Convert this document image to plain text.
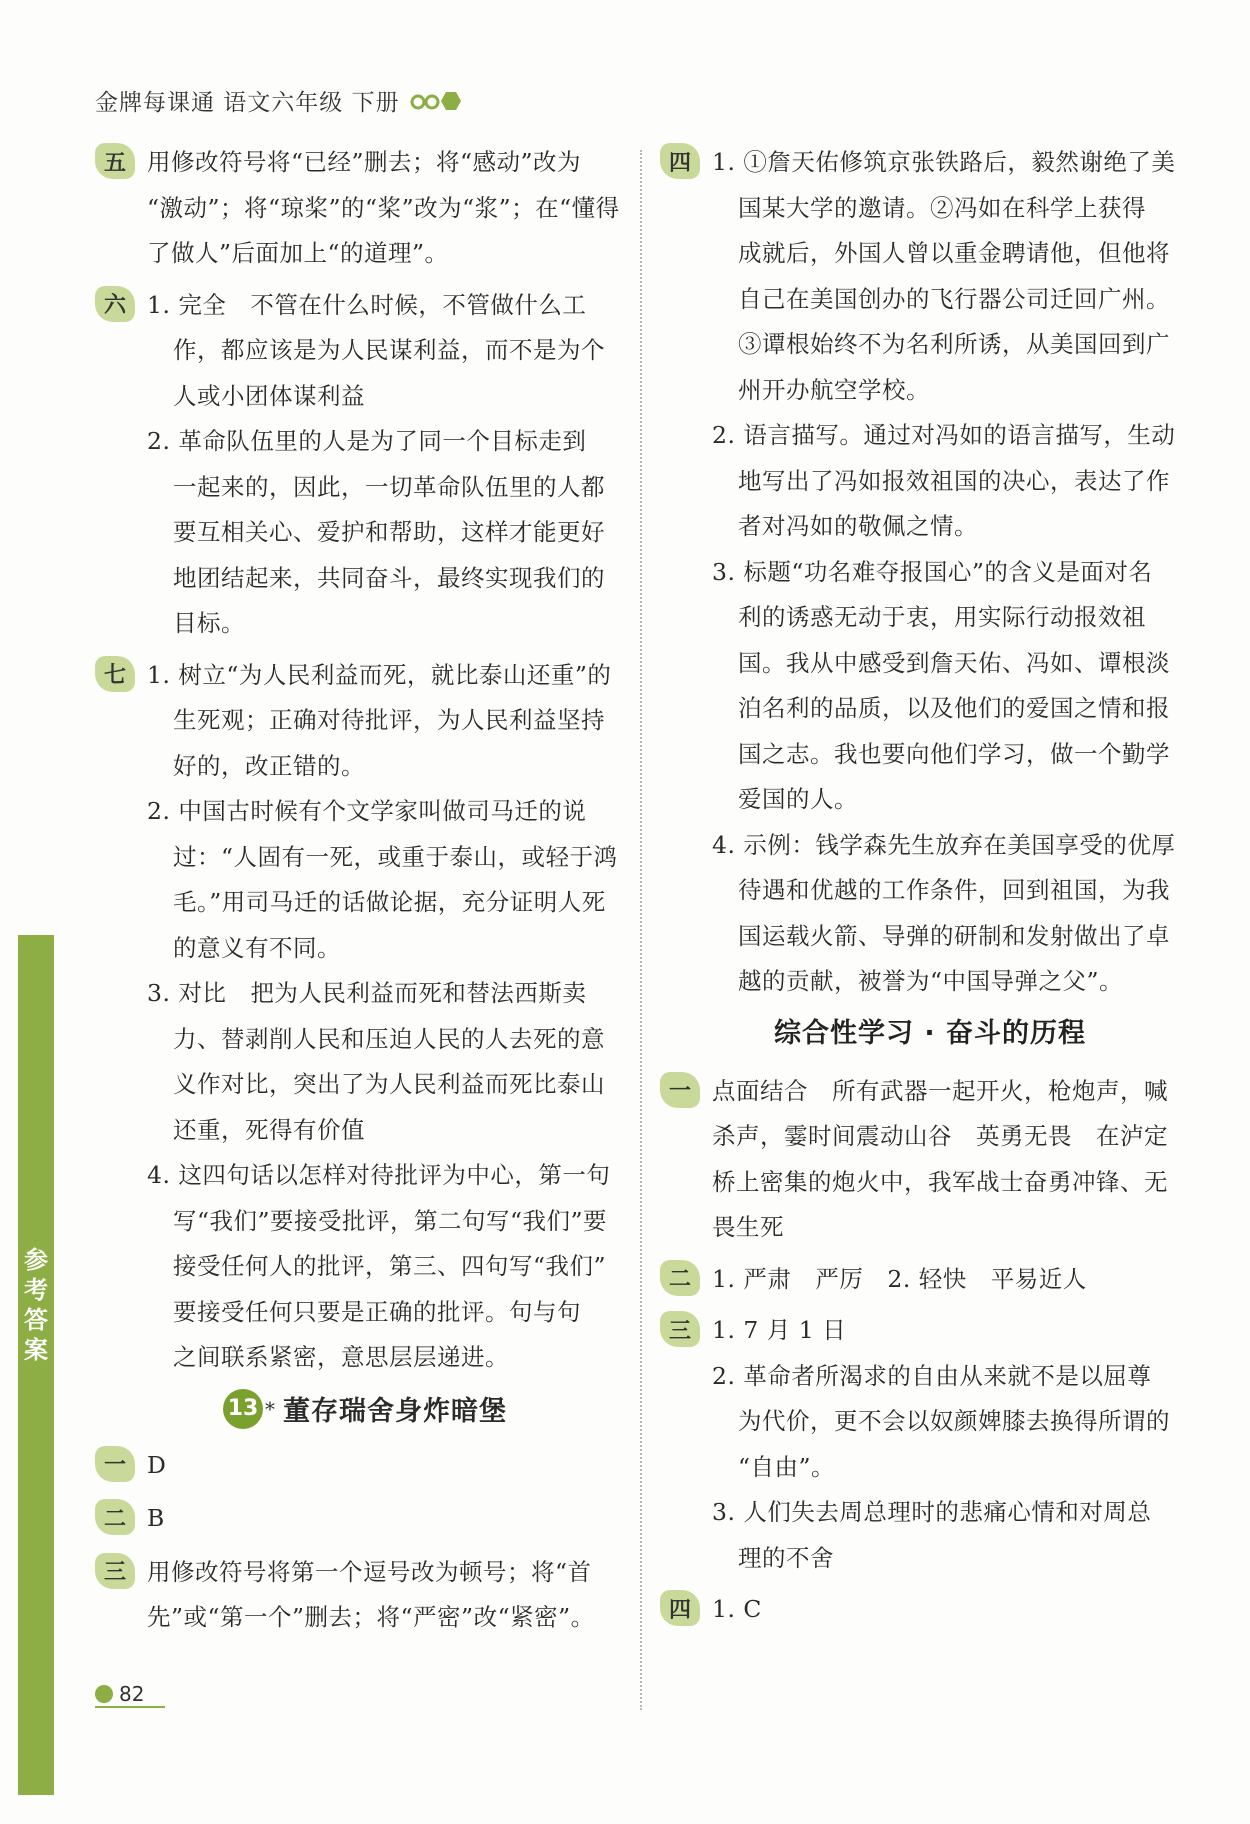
金牌每课通 语文六年级 下册
五 用修改符号将“已经”删去；将“感动”改为
“激动”；将“琼桨”的“桨”改为“浆”；在“懂得
了做人”后面加上“的道理”。
六 1. 完全　不管在什么时候，不管做什么工
作，都应该是为人民谋利益，而不是为个
人或小团体谋利益
2. 革命队伍里的人是为了同一个目标走到
一起来的，因此，一切革命队伍里的人都
要互相关心、爱护和帮助，这样才能更好
地团结起来，共同奋斗，最终实现我们的
目标。
七 1. 树立“为人民利益而死，就比泰山还重”的
生死观；正确对待批评，为人民利益坚持
好的，改正错的。
2. 中国古时候有个文学家叫做司马迁的说
过：“人固有一死，或重于泰山，或轻于鸿
毛。”用司马迁的话做论据，充分证明人死
的意义有不同。
3. 对比　把为人民利益而死和替法西斯卖
力、替剥削人民和压迫人民的人去死的意
义作对比，突出了为人民利益而死比泰山
还重，死得有价值
4. 这四句话以怎样对待批评为中心，第一句
写“我们”要接受批评，第二句写“我们”要
接受任何人的批评，第三、四句写“我们”
要接受任何只要是正确的批评。句与句
之间联系紧密，意思层层递进。
13 * 董存瑞舍身炸暗堡
一 D
二 B
三 用修改符号将第一个逗号改为顿号；将“首
先”或“第一个”删去；将“严密”改“紧密”。
四 1. ①詹天佑修筑京张铁路后，毅然谢绝了美
国某大学的邀请。②冯如在科学上获得
成就后，外国人曾以重金聘请他，但他将
自己在美国创办的飞行器公司迁回广州。
③谭根始终不为名利所诱，从美国回到广
州开办航空学校。
2. 语言描写。通过对冯如的语言描写，生动
地写出了冯如报效祖国的决心，表达了作
者对冯如的敬佩之情。
3. 标题“功名难夺报国心”的含义是面对名
利的诱惑无动于衷，用实际行动报效祖
国。我从中感受到詹天佑、冯如、谭根淡
泊名利的品质，以及他们的爱国之情和报
国之志。我也要向他们学习，做一个勤学
爱国的人。
4. 示例：钱学森先生放弃在美国享受的优厚
待遇和优越的工作条件，回到祖国，为我
国运载火箭、导弹的研制和发射做出了卓
越的贡献，被誉为“中国导弹之父”。
综合性学习 · 奋斗的历程
一 点面结合　所有武器一起开火，枪炮声，喊
杀声，霎时间震动山谷　英勇无畏　在泸定
桥上密集的炮火中，我军战士奋勇冲锋、无
畏生死
二 1. 严肃　严厉　2. 轻快　平易近人
三 1. 7 月 1 日
2. 革命者所渴求的自由从来就不是以屈尊
为代价，更不会以奴颜婢膝去换得所谓的
“自由”。
3. 人们失去周总理时的悲痛心情和对周总
理的不舍
四 1. C
参
考
答
案
82
